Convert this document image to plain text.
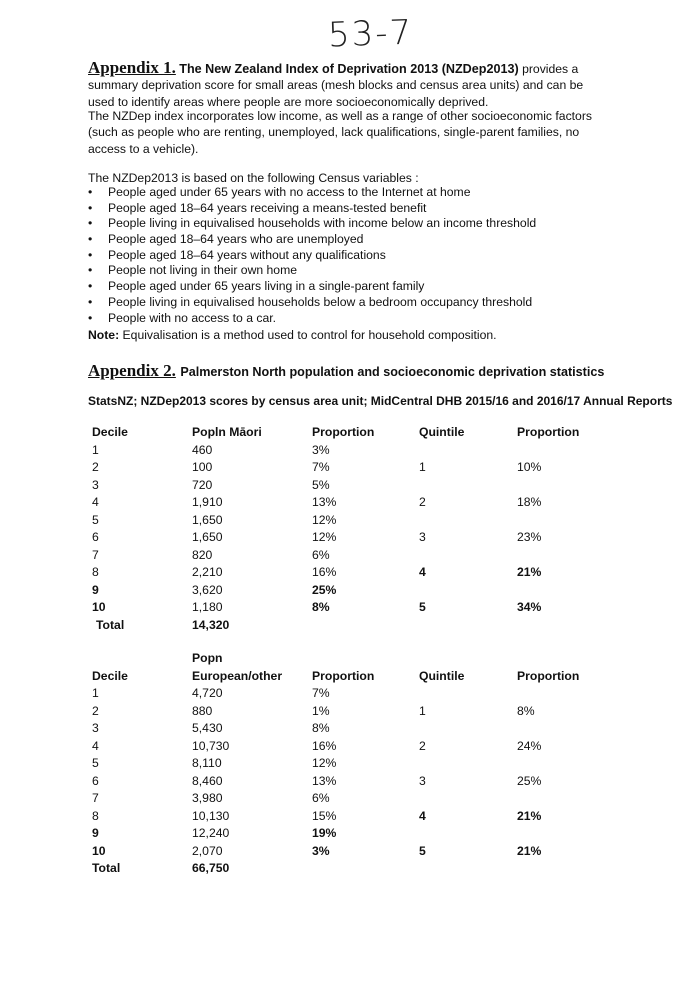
53-7
Appendix 1. The New Zealand Index of Deprivation 2013 (NZDep2013) provides a summary deprivation score for small areas (mesh blocks and census area units) and can be used to identify areas where people are more socioeconomically deprived.
The NZDep index incorporates low income, as well as a range of other socioeconomic factors (such as people who are renting, unemployed, lack qualifications, single-parent families, no access to a vehicle).
The NZDep2013 is based on the following Census variables :
• People aged under 65 years with no access to the Internet at home
• People aged 18–64 years receiving a means-tested benefit
• People living in equivalised households with income below an income threshold
• People aged 18–64 years who are unemployed
• People aged 18–64 years without any qualifications
• People not living in their own home
• People aged under 65 years living in a single-parent family
• People living in equivalised households below a bedroom occupancy threshold
• People with no access to a car.
Note: Equivalisation is a method used to control for household composition.
Appendix 2. Palmerston North population and socioeconomic deprivation statistics
StatsNZ; NZDep2013 scores by census area unit; MidCentral DHB 2015/16 and 2016/17 Annual Reports
Decile	Popln Māori	Proportion	Quintile	Proportion
1	460	3%		
2	100	7%	1	10%
3	720	5%		
4	1,910	13%	2	18%
5	1,650	12%		
6	1,650	12%	3	23%
7	820	6%		
8	2,210	16%	4	21%
9	3,620	25%		
10	1,180	8%	5	34%
Total	14,320			
	Popn			
Decile	European/other	Proportion	Quintile	Proportion
1	4,720	7%		
2	880	1%	1	8%
3	5,430	8%		
4	10,730	16%	2	24%
5	8,110	12%		
6	8,460	13%	3	25%
7	3,980	6%		
8	10,130	15%	4	21%
9	12,240	19%		
10	2,070	3%	5	21%
Total	66,750			
